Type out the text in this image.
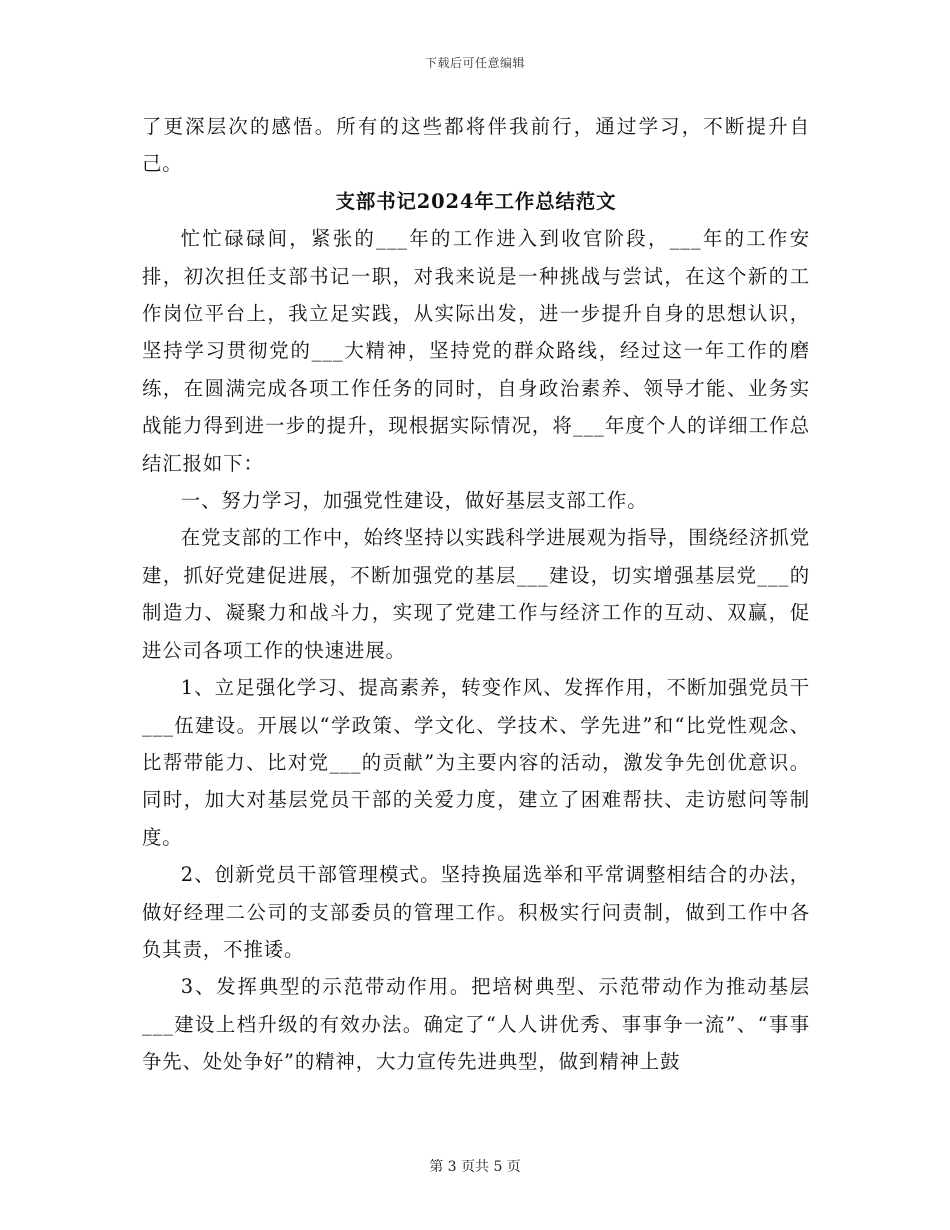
下载后可任意编辑

了更深层次的感悟。所有的这些都将伴我前行，通过学习，不断提升自己。

支部书记2024年工作总结范文

忙忙碌碌间，紧张的___年的工作进入到收官阶段，___年的工作安排，初次担任支部书记一职，对我来说是一种挑战与尝试，在这个新的工作岗位平台上，我立足实践，从实际出发，进一步提升自身的思想认识，坚持学习贯彻党的___大精神，坚持党的群众路线，经过这一年工作的磨练，在圆满完成各项工作任务的同时，自身政治素养、领导才能、业务实战能力得到进一步的提升，现根据实际情况，将___年度个人的详细工作总结汇报如下：

一、努力学习，加强党性建设，做好基层支部工作。

在党支部的工作中，始终坚持以实践科学进展观为指导，围绕经济抓党建，抓好党建促进展，不断加强党的基层___建设，切实增强基层党___的制造力、凝聚力和战斗力，实现了党建工作与经济工作的互动、双赢，促进公司各项工作的快速进展。

1、立足强化学习、提高素养，转变作风、发挥作用，不断加强党员干___伍建设。开展以“学政策、学文化、学技术、学先进”和“比党性观念、比帮带能力、比对党___的贡献”为主要内容的活动，激发争先创优意识。同时，加大对基层党员干部的关爱力度，建立了困难帮扶、走访慰问等制度。

2、创新党员干部管理模式。坚持换届选举和平常调整相结合的办法，做好经理二公司的支部委员的管理工作。积极实行问责制，做到工作中各负其责，不推诿。

3、发挥典型的示范带动作用。把培树典型、示范带动作为推动基层___建设上档升级的有效办法。确定了“人人讲优秀、事事争一流”、“事事争先、处处争好”的精神，大力宣传先进典型，做到精神上鼓

第 3 页共 5 页
